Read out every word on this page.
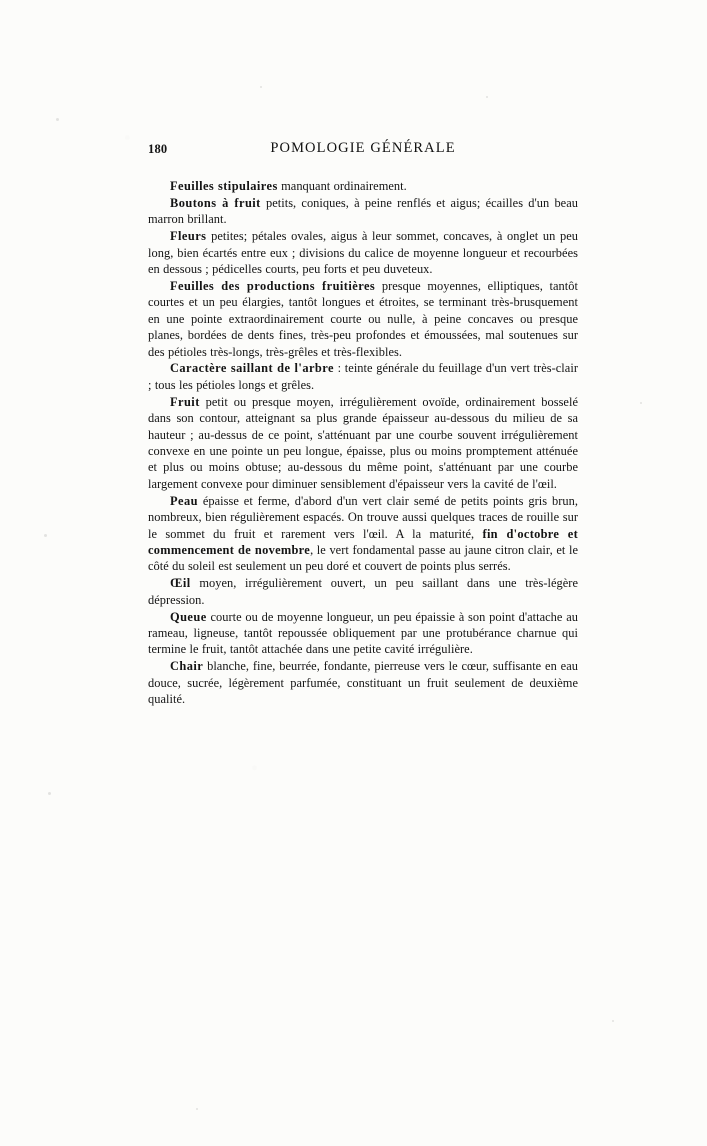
180	POMOLOGIE GÉNÉRALE

Feuilles stipulaires manquant ordinairement.

Boutons à fruit petits, coniques, à peine renflés et aigus; écailles d'un beau marron brillant.

Fleurs petites; pétales ovales, aigus à leur sommet, concaves, à onglet un peu long, bien écartés entre eux ; divisions du calice de moyenne longueur et recourbées en dessous ; pédicelles courts, peu forts et peu duveteux.

Feuilles des productions fruitières presque moyennes, elliptiques, tantôt courtes et un peu élargies, tantôt longues et étroites, se terminant très-brusquement en une pointe extraordinairement courte ou nulle, à peine concaves ou presque planes, bordées de dents fines, très-peu profondes et émoussées, mal soutenues sur des pétioles très-longs, très-grêles et très-flexibles.

Caractère saillant de l'arbre : teinte générale du feuillage d'un vert très-clair ; tous les pétioles longs et grêles.

Fruit petit ou presque moyen, irrégulièrement ovoïde, ordinairement bosselé dans son contour, atteignant sa plus grande épaisseur au-dessous du milieu de sa hauteur ; au-dessus de ce point, s'atténuant par une courbe souvent irrégulièrement convexe en une pointe un peu longue, épaisse, plus ou moins promptement atténuée et plus ou moins obtuse; au-dessous du même point, s'atténuant par une courbe largement convexe pour diminuer sensiblement d'épaisseur vers la cavité de l'œil.

Peau épaisse et ferme, d'abord d'un vert clair semé de petits points gris brun, nombreux, bien régulièrement espacés. On trouve aussi quelques traces de rouille sur le sommet du fruit et rarement vers l'œil. A la maturité, fin d'octobre et commencement de novembre, le vert fondamental passe au jaune citron clair, et le côté du soleil est seulement un peu doré et couvert de points plus serrés.

Œil moyen, irrégulièrement ouvert, un peu saillant dans une très-légère dépression.

Queue courte ou de moyenne longueur, un peu épaissie à son point d'attache au rameau, ligneuse, tantôt repoussée obliquement par une protubérance charnue qui termine le fruit, tantôt attachée dans une petite cavité irrégulière.

Chair blanche, fine, beurrée, fondante, pierreuse vers le cœur, suffisante en eau douce, sucrée, légèrement parfumée, constituant un fruit seulement de deuxième qualité.
